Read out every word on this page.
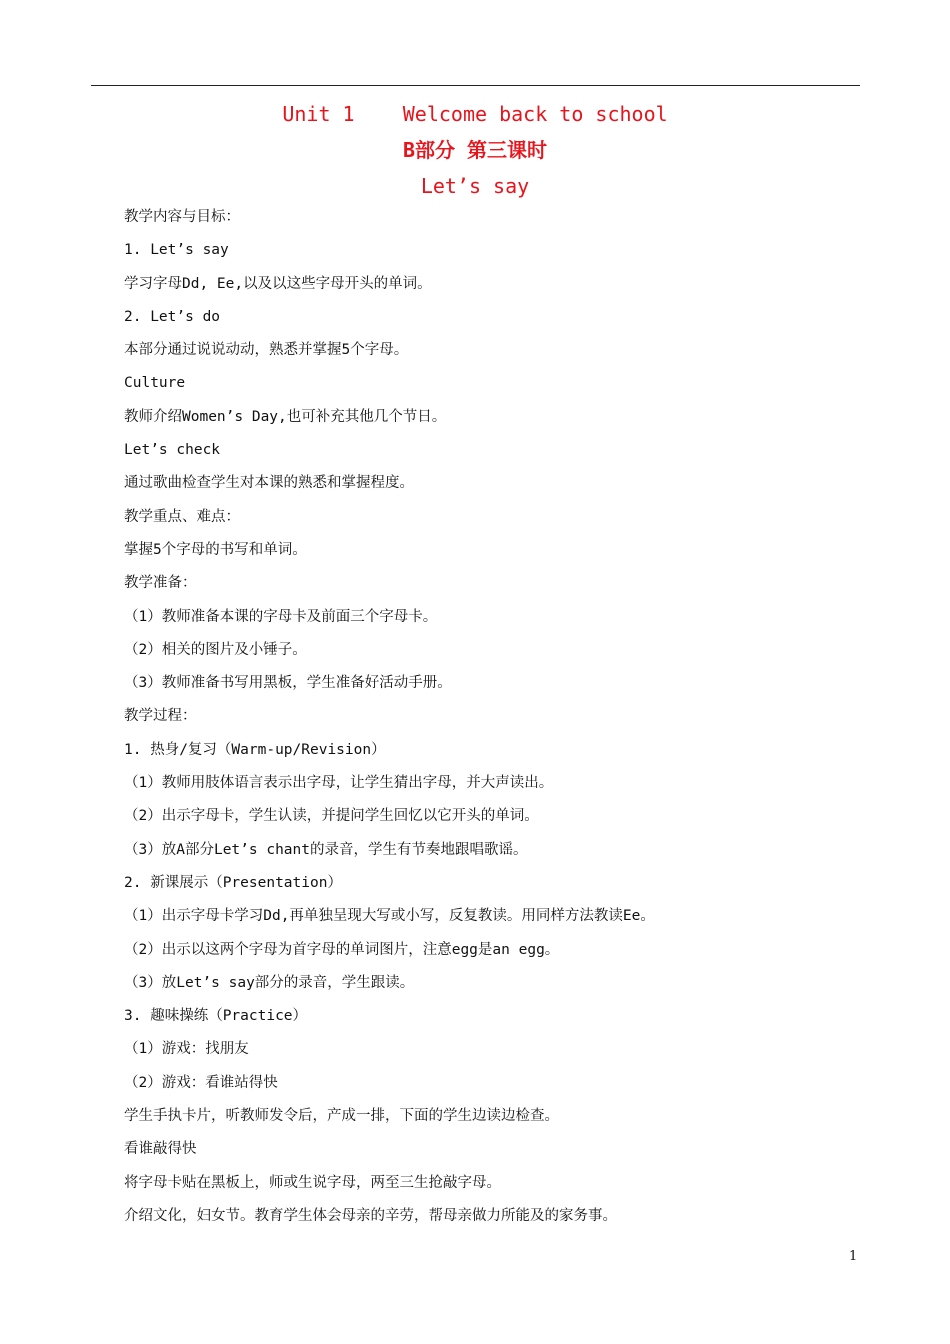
Unit 1    Welcome back to school
B部分 第三课时
Let’s say
教学内容与目标：
1. Let’s say
学习字母Dd, Ee,以及以这些字母开头的单词。
2. Let’s do
本部分通过说说动动，熟悉并掌握5个字母。
Culture
教师介绍Women’s Day,也可补充其他几个节日。
Let’s check
通过歌曲检查学生对本课的熟悉和掌握程度。
教学重点、难点：
掌握5个字母的书写和单词。
教学准备：
（1）教师准备本课的字母卡及前面三个字母卡。
（2）相关的图片及小锤子。
（3）教师准备书写用黑板，学生准备好活动手册。
教学过程：
1. 热身/复习（Warm-up/Revision）
（1）教师用肢体语言表示出字母，让学生猜出字母，并大声读出。
（2）出示字母卡，学生认读，并提问学生回忆以它开头的单词。
（3）放A部分Let’s chant的录音，学生有节奏地跟唱歌谣。
2. 新课展示（Presentation）
（1）出示字母卡学习Dd,再单独呈现大写或小写，反复教读。用同样方法教读Ee。
（2）出示以这两个字母为首字母的单词图片，注意egg是an egg。
（3）放Let’s say部分的录音，学生跟读。
3. 趣味操练（Practice）
（1）游戏：找朋友
（2）游戏：看谁站得快
学生手执卡片，听教师发令后，产成一排，下面的学生边读边检查。
看谁敲得快
将字母卡贴在黑板上，师或生说字母，两至三生抢敲字母。
介绍文化，妇女节。教育学生体会母亲的辛劳，帮母亲做力所能及的家务事。
1
